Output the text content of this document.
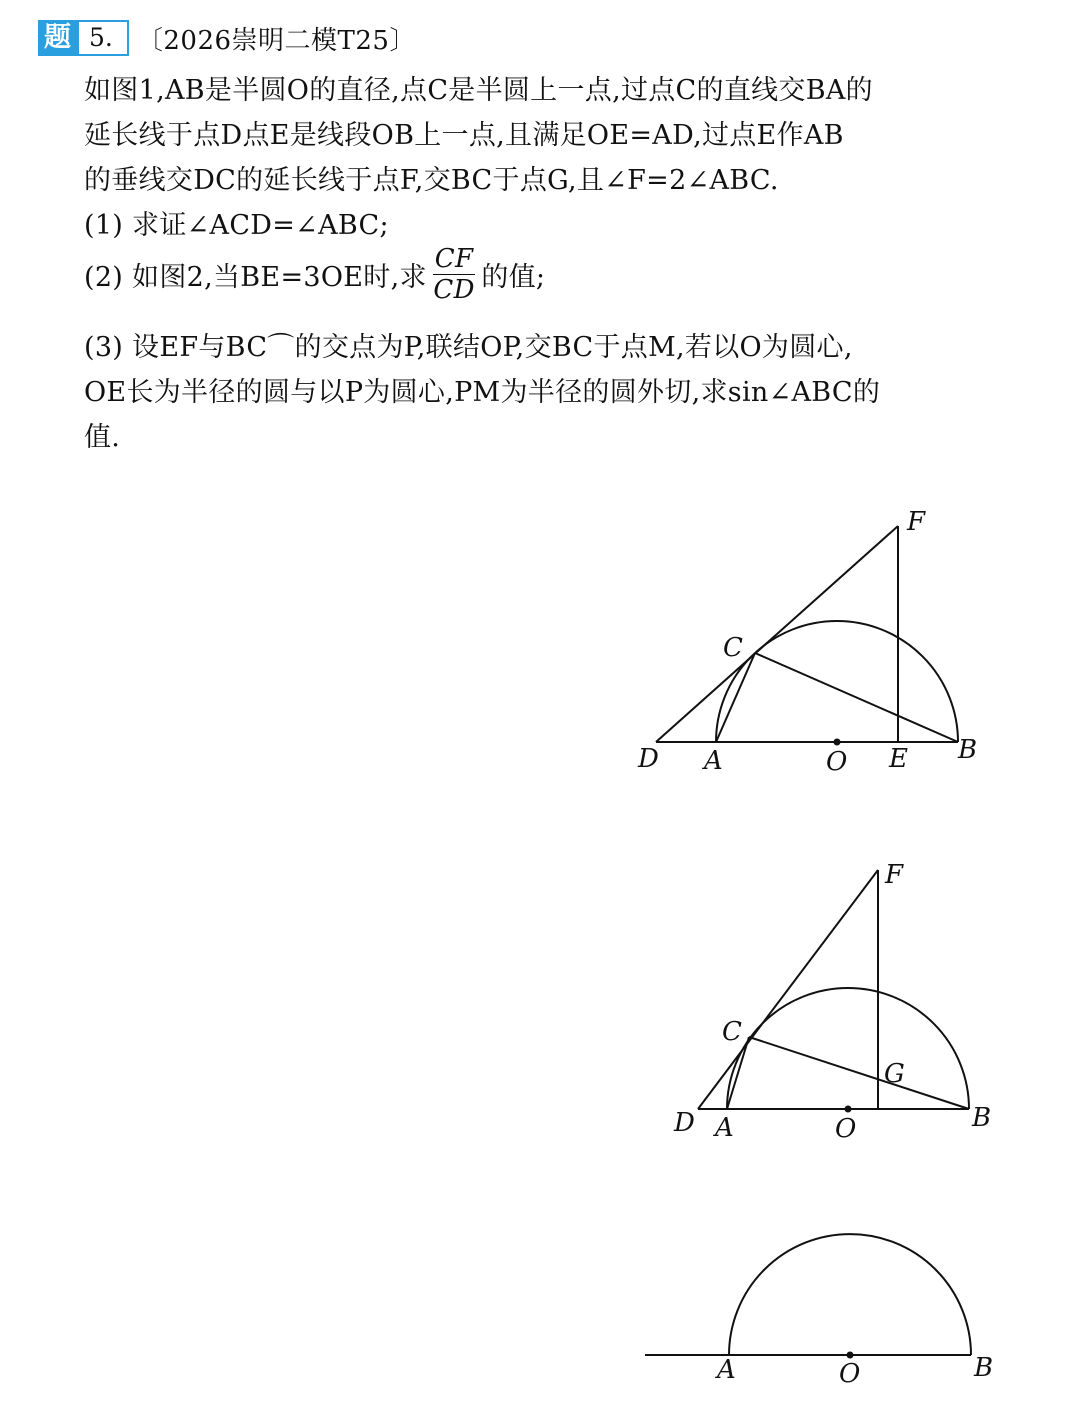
题 5. 〔2026崇明二模T25〕
如图1,AB是半圆O的直径,点C是半圆上一点,过点C的直线交BA的
延长线于点D点E是线段OB上一点,且满足OE=AD,过点E作AB
的垂线交DC的延长线于点F,交BC于点G,且∠F=2∠ABC.
(1) 求证∠ACD=∠ABC;
(2) 如图2,当BE=3OE时,求 $\frac{CF}{CD}$ 的值;
(3) 设EF与BC⌒的交点为P,联结OP,交BC于点M,若以O为圆心,
OE长为半径的圆与以P为圆心,PM为半径的圆外切,求sin∠ABC的
值.
F
C
D A	O E B
F
C
G
D A	O	B
A	O	B
